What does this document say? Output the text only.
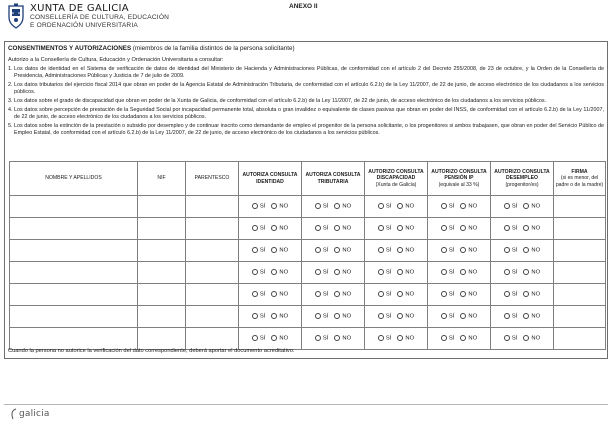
XUNTA DE GALICIA
CONSELLERÍA DE CULTURA, EDUCACIÓN
E ORDENACIÓN UNIVERSITARIA
ANEXO II
CONSENTIMENTOS Y AUTORIZACIONES (miembros de la familia distintos de la persona solicitante)
Autorizo a la Consellería de Cultura, Educación y Ordenación Universitaria a consultar:
1. Los datos de identidad en el Sistema de verificación de datos de identidad del Ministerio de Hacienda y Administraciones Públicas, de conformidad con el artículo 2 del Decreto 255/2008, de 23 de octubre, y la Orden de la Consellería de Presidencia, Administraciones Públicas y Justicia de 7 de julio de 2009.
2. Los datos tributarios del ejercicio fiscal 2014 que obran en poder de la Agencia Estatal de Administración Tributaria, de conformidad con el artículo 6.2.b) de la Ley 11/2007, de 22 de junio, de acceso electrónico de los ciudadanos a los servicios públicos.
3. Los datos sobre el grado de discapacidad que obran en poder de la Xunta de Galicia, de conformidad con el artículo 6.2.b) de la Ley 11/2007, de 22 de junio, de acceso electrónico de los ciudadanos a los servicios públicos.
4. Los datos sobre percepción de prestación de la Seguridad Social por incapacidad permanente total, absoluta o gran invalidez o equivalente de clases pasivas que obran en poder del INSS, de conformidad con el artículo 6.2.b) de la Ley 11/2007, de 22 de junio, de acceso electrónico de los ciudadanos a los servicios públicos.
5. Los datos sobre la extinción de la prestación o subsidio por desempleo y de continuar inscrito como demandante de empleo el progenitor de la persona solicitante, o los progenitores si ambos trabajasen, que obran en poder del Servicio Público de Empleo Estatal, de conformidad con el artículo 6.2.b) de la Ley 11/2007, de 22 de junio, de acceso electrónico de los ciudadanos a los servicios públicos.
NOMBRE Y APELLIDOS	NIF	PARENTESCO	AUTORIZA CONSULTA IDENTIDAD	AUTORIZA CONSULTA TRIBUTARIA	AUTORIZO CONSULTA DISCAPACIDAD
(Xunta de Galicia)	AUTORIZO CONSULTA PENSIÓN IP
(equivale al 33 %)	AUTORIZO CONSULTA DESEMPLEO
(progenitor/es)	FIRMA
(si es menor, del padre o de la madre)

			SÍ NO	SÍ NO	SÍ NO	SÍ NO	SÍ NO	

			SÍ NO	SÍ NO	SÍ NO	SÍ NO	SÍ NO	

			SÍ NO	SÍ NO	SÍ NO	SÍ NO	SÍ NO	

			SÍ NO	SÍ NO	SÍ NO	SÍ NO	SÍ NO	

			SÍ NO	SÍ NO	SÍ NO	SÍ NO	SÍ NO	

			SÍ NO	SÍ NO	SÍ NO	SÍ NO	SÍ NO	

			SÍ NO	SÍ NO	SÍ NO	SÍ NO	SÍ NO	

Cuando la persona no autorice la verificación del dato correspondiente, deberá aportar el documento acreditativo.
galicia
